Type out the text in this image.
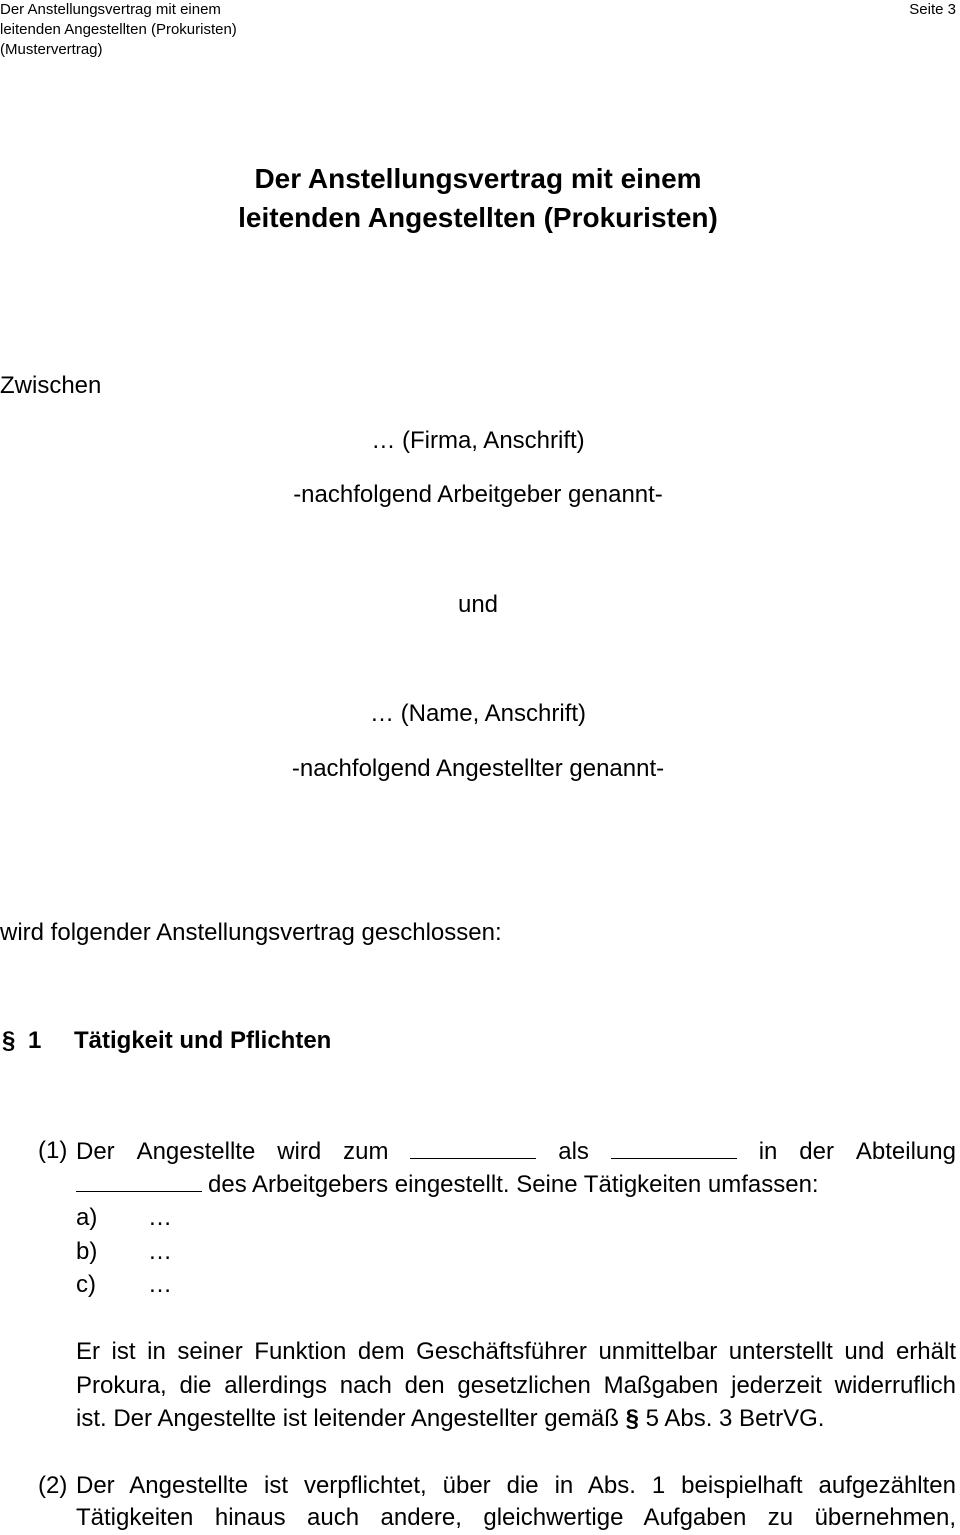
Der Anstellungsvertrag mit einem
leitenden Angestellten (Prokuristen)
(Mustervertrag)
Seite 3
Der Anstellungsvertrag mit einem
leitenden Angestellten (Prokuristen)
Zwischen
… (Firma, Anschrift)
-nachfolgend Arbeitgeber genannt-
und
… (Name, Anschrift)
-nachfolgend Angestellter genannt-
wird folgender Anstellungsvertrag geschlossen:
§ 1 Tätigkeit und Pflichten
(1) Der Angestellte wird zum	als	in der Abteilung
des Arbeitgebers eingestellt. Seine Tätigkeiten umfassen:
a) …
b) …
c) …
Er ist in seiner Funktion dem Geschäftsführer unmittelbar unterstellt und erhält
Prokura, die allerdings nach den gesetzlichen Maßgaben jederzeit widerruflich
ist. Der Angestellte ist leitender Angestellter gemäß § 5 Abs. 3 BetrVG.
(2) Der Angestellte ist verpflichtet, über die in Abs. 1 beispielhaft aufgezählten
Tätigkeiten hinaus auch andere, gleichwertige Aufgaben zu übernehmen,
